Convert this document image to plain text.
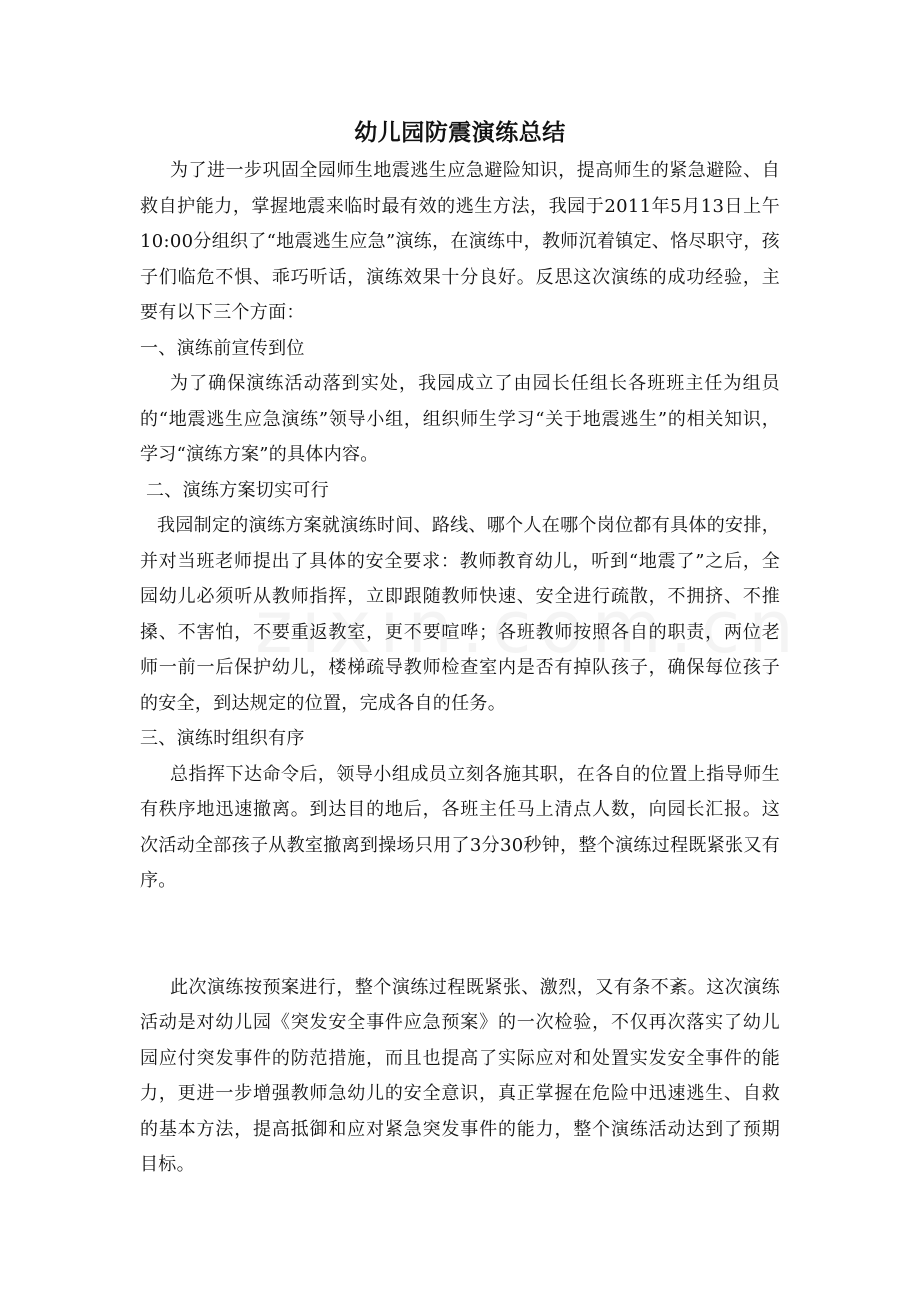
幼儿园防震演练总结

为了进一步巩固全园师生地震逃生应急避险知识，提高师生的紧急避险、自救自护能力，掌握地震来临时最有效的逃生方法，我园于2011年5月13日上午10:00分组织了“地震逃生应急”演练，在演练中，教师沉着镇定、恪尽职守，孩子们临危不惧、乖巧听话，演练效果十分良好。反思这次演练的成功经验，主要有以下三个方面：

一、演练前宣传到位

为了确保演练活动落到实处，我园成立了由园长任组长各班班主任为组员的“地震逃生应急演练”领导小组，组织师生学习“关于地震逃生”的相关知识，学习“演练方案”的具体内容。

二、演练方案切实可行

我园制定的演练方案就演练时间、路线、哪个人在哪个岗位都有具体的安排，并对当班老师提出了具体的安全要求：教师教育幼儿，听到“地震了”之后，全园幼儿必须听从教师指挥，立即跟随教师快速、安全进行疏散，不拥挤、不推搡、不害怕，不要重返教室，更不要喧哗；各班教师按照各自的职责，两位老师一前一后保护幼儿，楼梯疏导教师检查室内是否有掉队孩子，确保每位孩子的安全，到达规定的位置，完成各自的任务。

三、演练时组织有序

总指挥下达命令后，领导小组成员立刻各施其职，在各自的位置上指导师生有秩序地迅速撤离。到达目的地后，各班主任马上清点人数，向园长汇报。这次活动全部孩子从教室撤离到操场只用了3分30秒钟，整个演练过程既紧张又有序。

此次演练按预案进行，整个演练过程既紧张、激烈，又有条不紊。这次演练活动是对幼儿园《突发安全事件应急预案》的一次检验，不仅再次落实了幼儿园应付突发事件的防范措施，而且也提高了实际应对和处置实发安全事件的能力，更进一步增强教师急幼儿的安全意识，真正掌握在危险中迅速逃生、自救的基本方法，提高抵御和应对紧急突发事件的能力，整个演练活动达到了预期目标。
